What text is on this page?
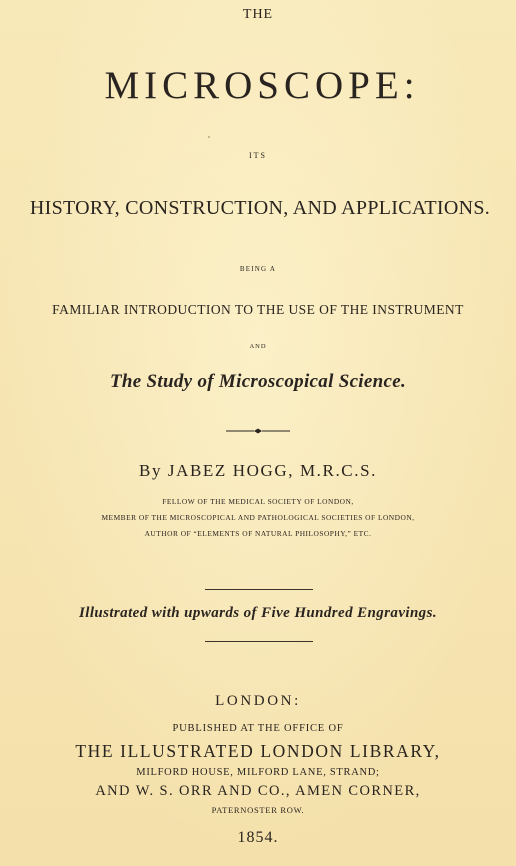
THE
MICROSCOPE:
ITS
HISTORY, CONSTRUCTION, AND APPLICATIONS.
BEING A
FAMILIAR INTRODUCTION TO THE USE OF THE INSTRUMENT
AND
The Study of Microscopical Science.
By JABEZ HOGG, M.R.C.S.
FELLOW OF THE MEDICAL SOCIETY OF LONDON,
MEMBER OF THE MICROSCOPICAL AND PATHOLOGICAL SOCIETIES OF LONDON,
AUTHOR OF “ELEMENTS OF NATURAL PHILOSOPHY,” ETC.
Illustrated with upwards of Five Hundred Engravings.
LONDON:
PUBLISHED AT THE OFFICE OF
THE ILLUSTRATED LONDON LIBRARY,
MILFORD HOUSE, MILFORD LANE, STRAND;
AND W. S. ORR AND CO., AMEN CORNER,
PATERNOSTER ROW.
1854.
